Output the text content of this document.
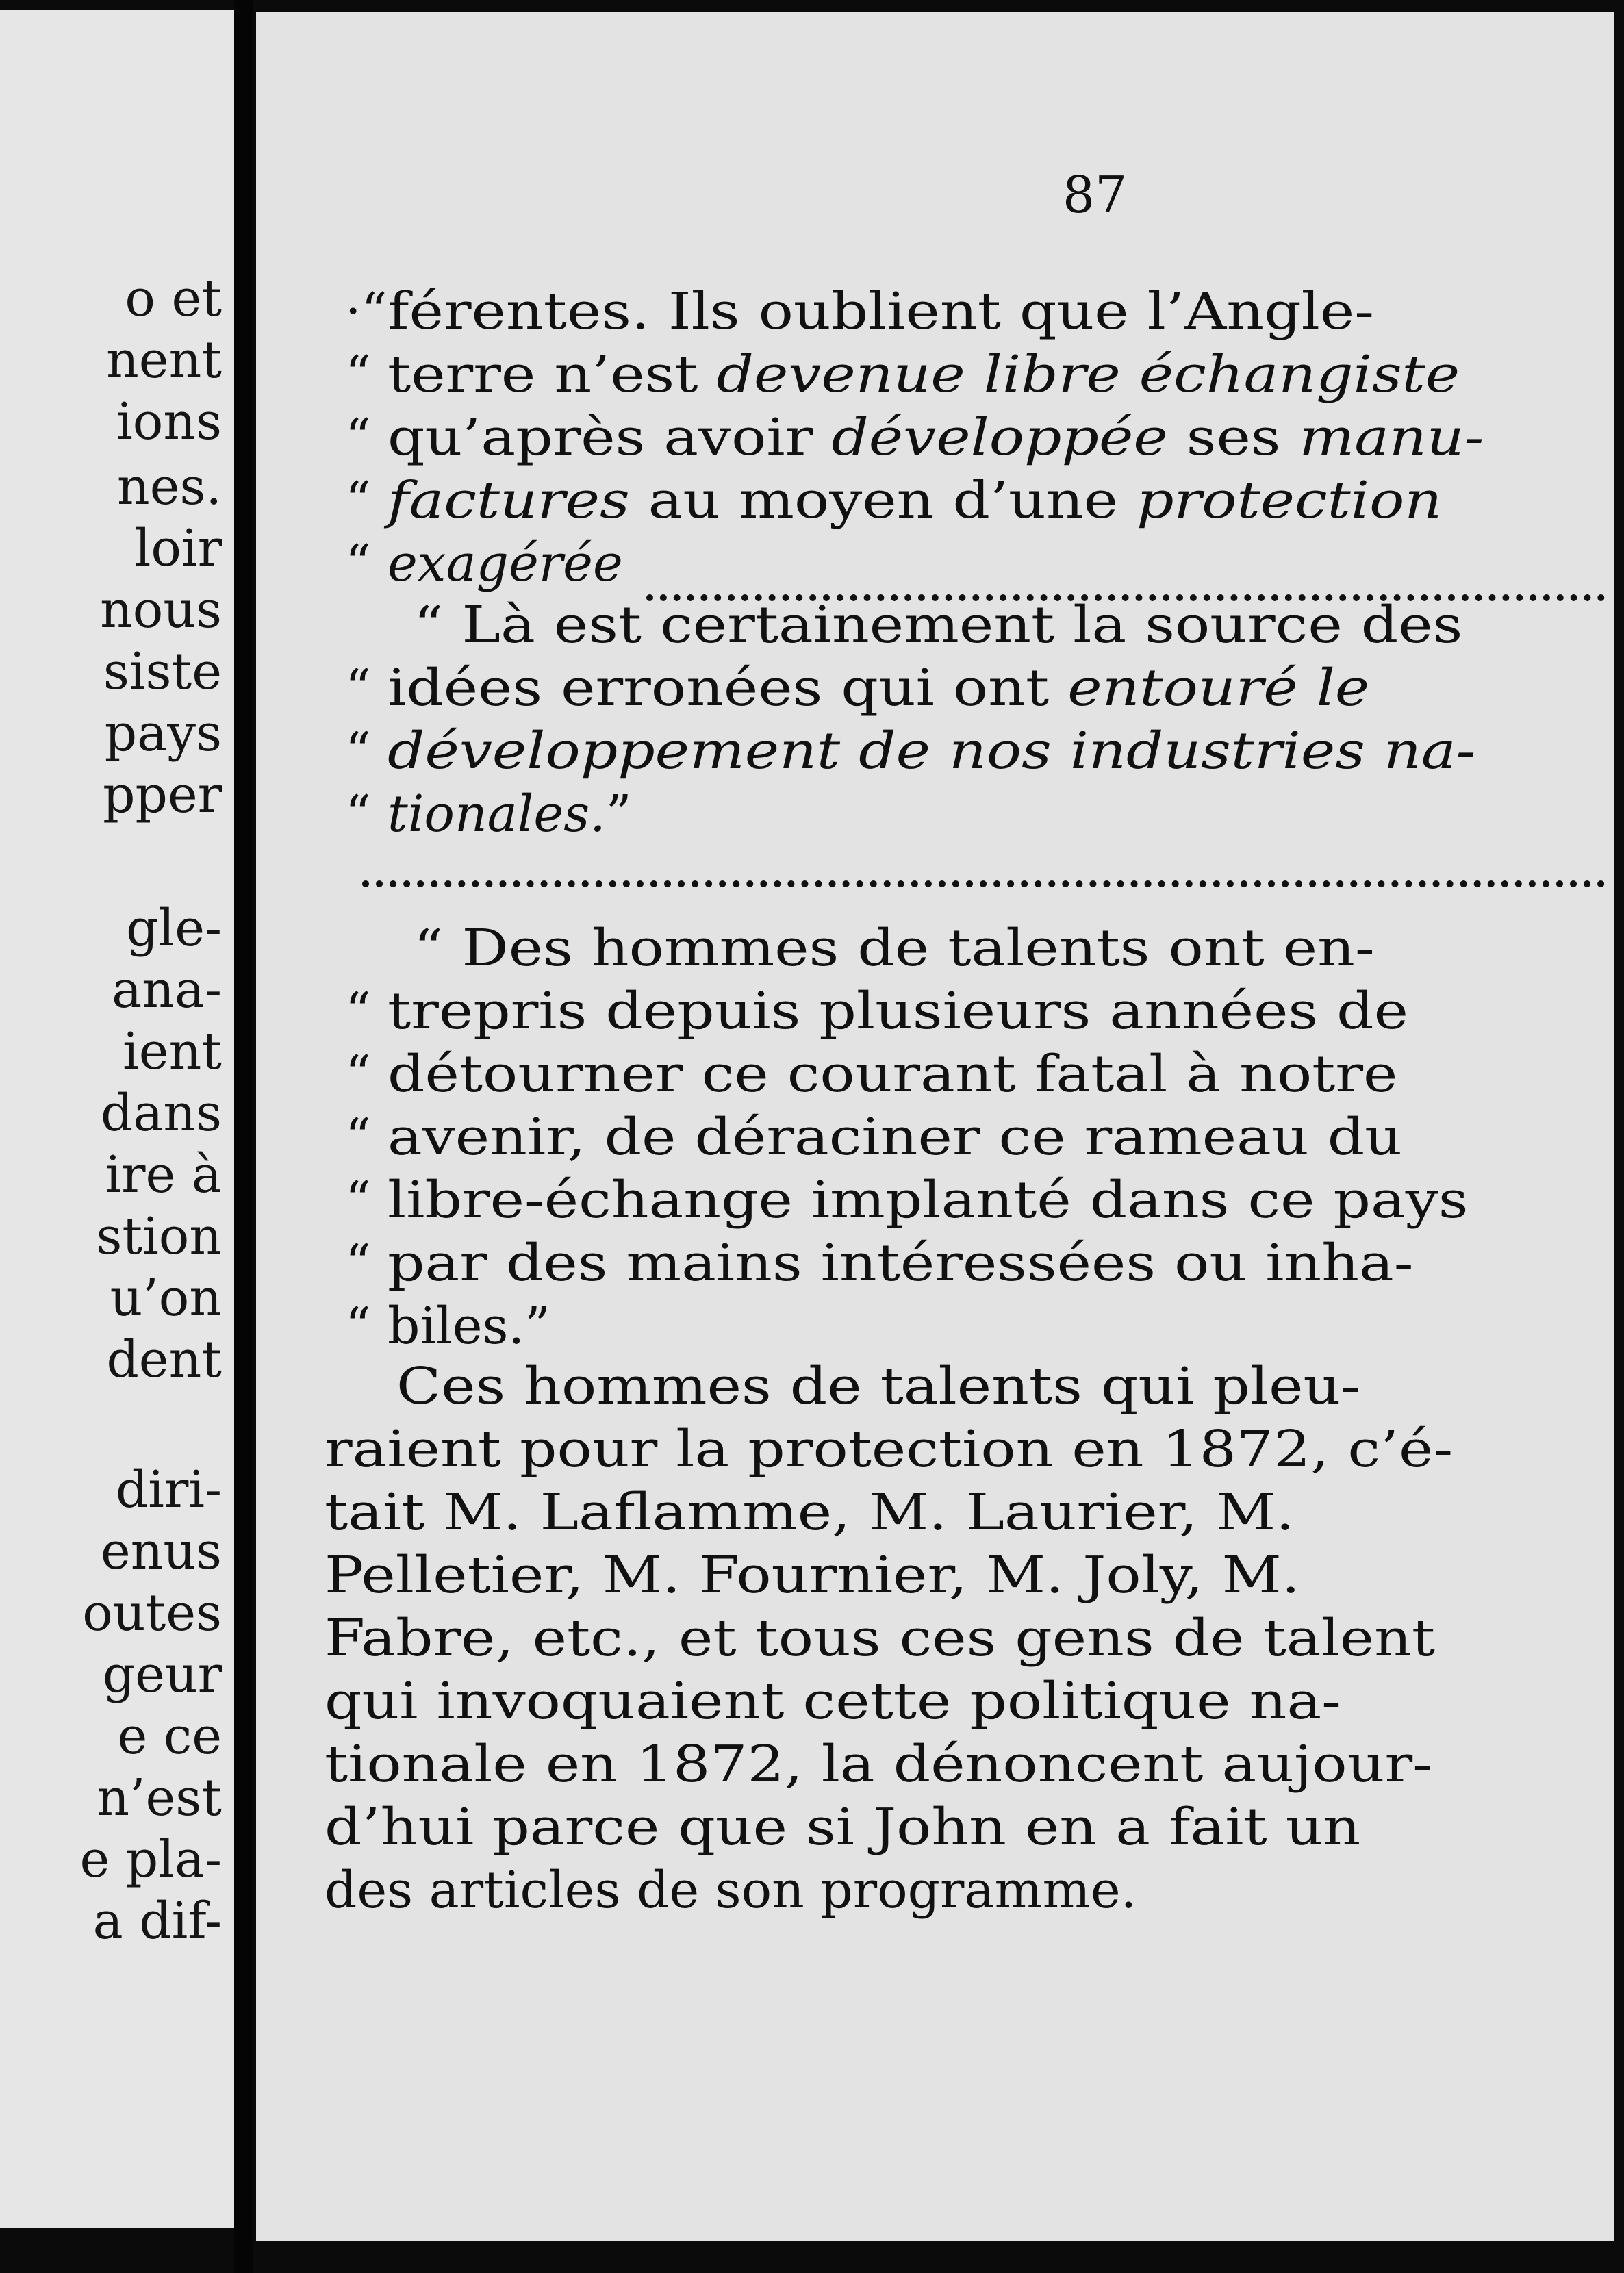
o et
nent
ions
nes.
loir
nous
siste
pays
pper
gle-
ana-
ient
dans
ire à
stion
u’on
dent
diri-
enus
outes
geur
e ce
n’est
e pla-
a dif-
87
·“férentes. Ils oublient que l’Angle-
“ terre n’est devenue libre échangiste
“ qu’après avoir développée ses manu-
“ factures au moyen d’une protection
“ exagérée
“ Là est certainement la source des
“ idées erronées qui ont entouré le
“ développement de nos industries na-
“ tionales.”
“ Des hommes de talents ont en-
“ trepris depuis plusieurs années de
“ détourner ce courant fatal à notre
“ avenir, de déraciner ce rameau du
“ libre-échange implanté dans ce pays
“ par des mains intéressées ou inha-
“ biles.”
Ces hommes de talents qui pleu-
raient pour la protection en 1872, c’é-
tait M. Laflamme, M. Laurier, M.
Pelletier, M. Fournier, M. Joly, M.
Fabre, etc., et tous ces gens de talent
qui invoquaient cette politique na-
tionale en 1872, la dénoncent aujour-
d’hui parce que si John en a fait un
des articles de son programme.
